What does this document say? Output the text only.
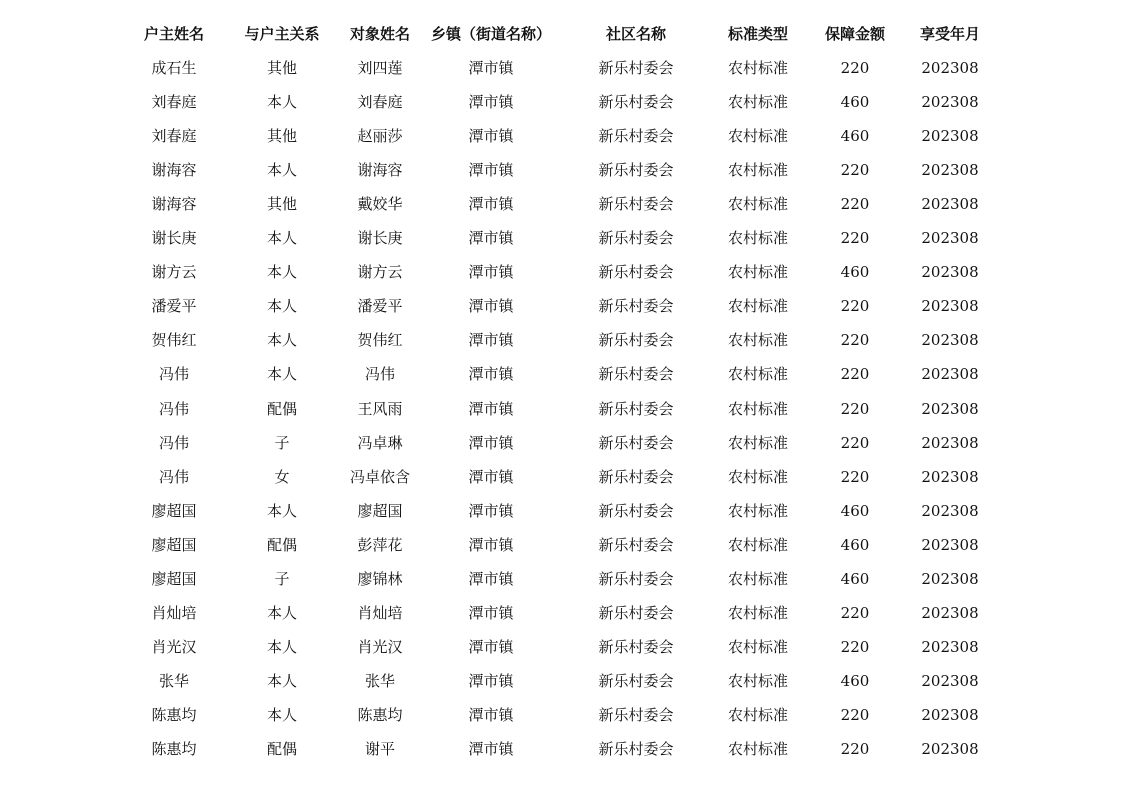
户主姓名	与户主关系	对象姓名	乡镇（街道名称）	社区名称	标准类型	保障金额	享受年月
成石生	其他	刘四莲	潭市镇	新乐村委会	农村标准	220	202308
刘春庭	本人	刘春庭	潭市镇	新乐村委会	农村标准	460	202308
刘春庭	其他	赵丽莎	潭市镇	新乐村委会	农村标准	460	202308
谢海容	本人	谢海容	潭市镇	新乐村委会	农村标准	220	202308
谢海容	其他	戴姣华	潭市镇	新乐村委会	农村标准	220	202308
谢长庚	本人	谢长庚	潭市镇	新乐村委会	农村标准	220	202308
谢方云	本人	谢方云	潭市镇	新乐村委会	农村标准	460	202308
潘爱平	本人	潘爱平	潭市镇	新乐村委会	农村标准	220	202308
贺伟红	本人	贺伟红	潭市镇	新乐村委会	农村标准	220	202308
冯伟	本人	冯伟	潭市镇	新乐村委会	农村标准	220	202308
冯伟	配偶	王风雨	潭市镇	新乐村委会	农村标准	220	202308
冯伟	子	冯卓琳	潭市镇	新乐村委会	农村标准	220	202308
冯伟	女	冯卓依含	潭市镇	新乐村委会	农村标准	220	202308
廖超国	本人	廖超国	潭市镇	新乐村委会	农村标准	460	202308
廖超国	配偶	彭萍花	潭市镇	新乐村委会	农村标准	460	202308
廖超国	子	廖锦林	潭市镇	新乐村委会	农村标准	460	202308
肖灿培	本人	肖灿培	潭市镇	新乐村委会	农村标准	220	202308
肖光汉	本人	肖光汉	潭市镇	新乐村委会	农村标准	220	202308
张华	本人	张华	潭市镇	新乐村委会	农村标准	460	202308
陈惠均	本人	陈惠均	潭市镇	新乐村委会	农村标准	220	202308
陈惠均	配偶	谢平	潭市镇	新乐村委会	农村标准	220	202308
